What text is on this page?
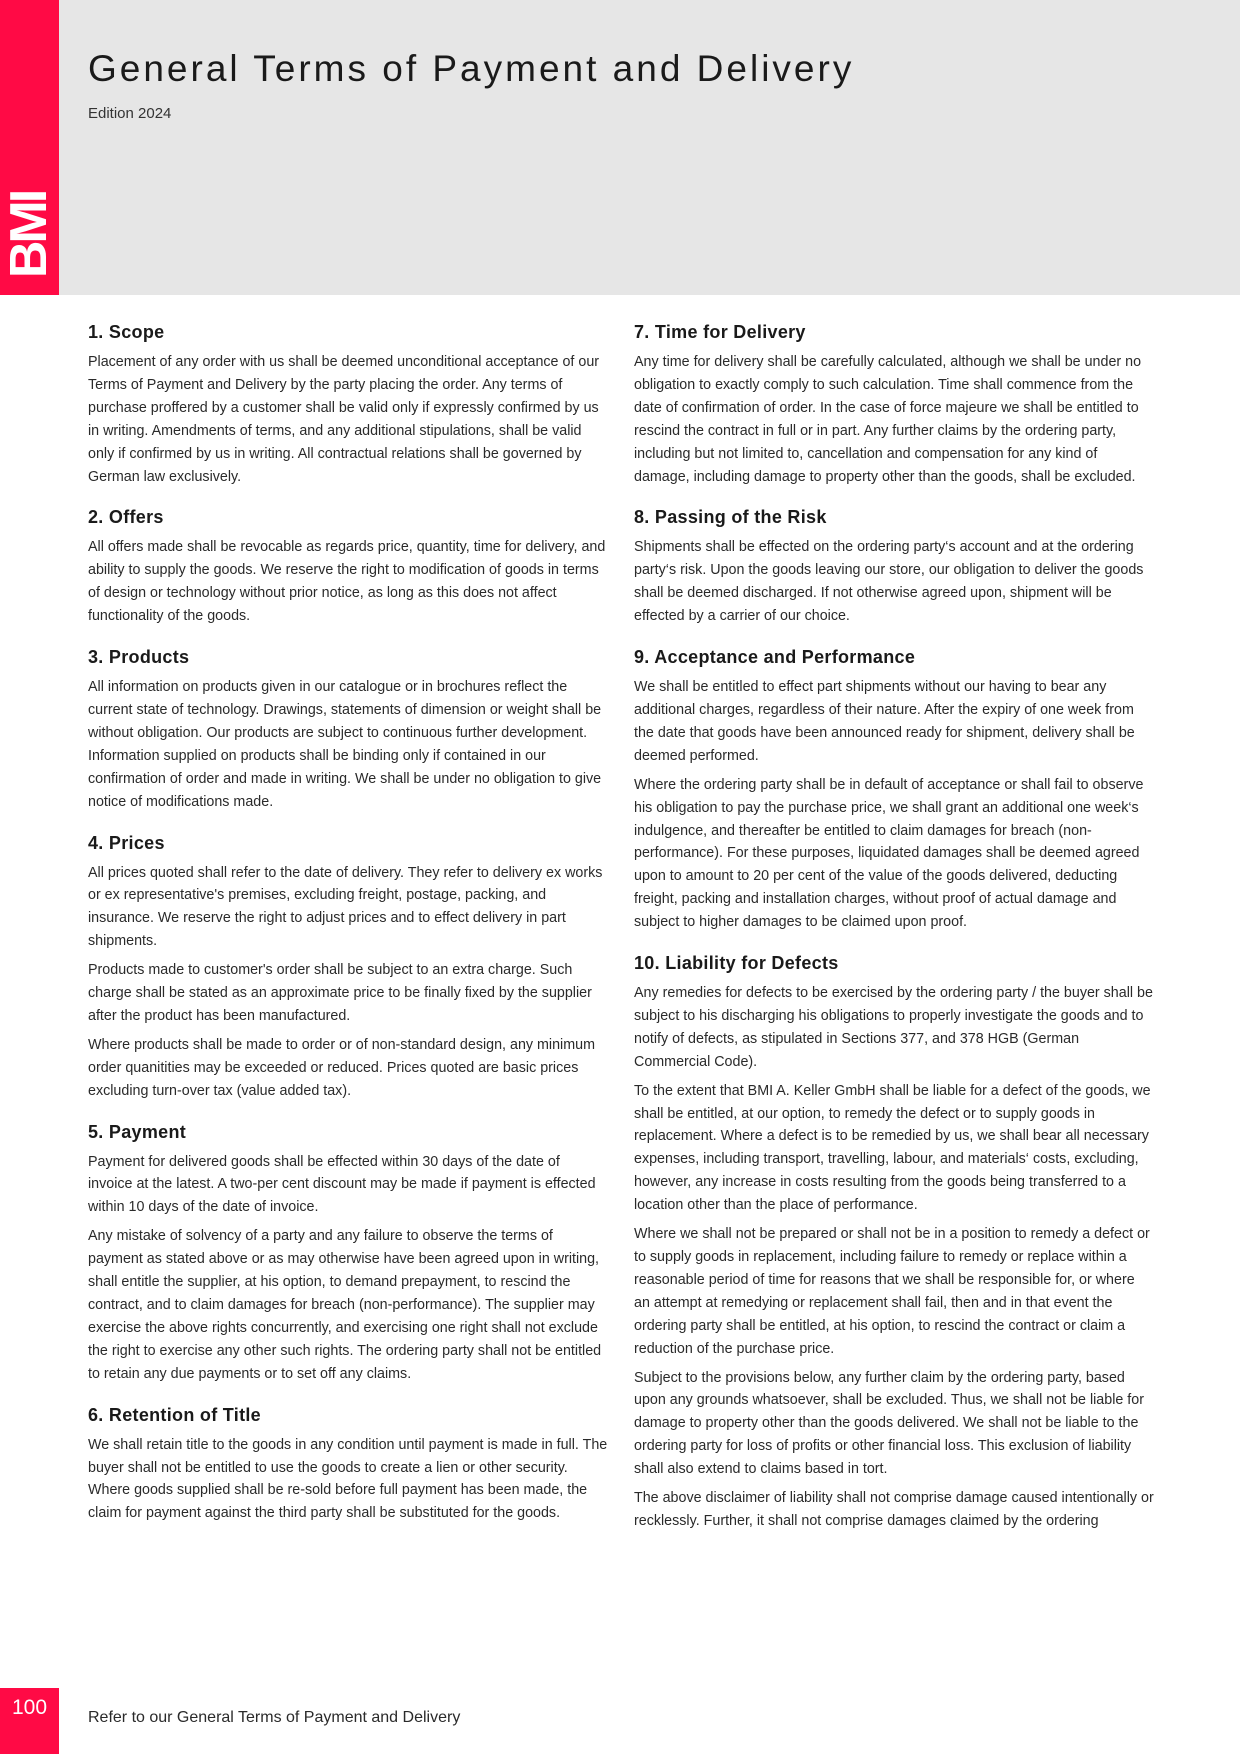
BMI
General Terms of Payment and Delivery
Edition 2024
1. Scope

Placement of any order with us shall be deemed unconditional acceptance of our Terms of Payment and Delivery by the party placing the order. Any terms of purchase proffered by a customer shall be valid only if expressly confirmed by us in writing. Amendments of terms, and any additional stipulations, shall be valid only if confirmed by us in writing. All contractual relations shall be governed by German law exclusively.

2. Offers

All offers made shall be revocable as regards price, quantity, time for delivery, and ability to supply the goods. We reserve the right to modification of goods in terms of design or technology without prior notice, as long as this does not affect functionality of the goods.

3. Products

All information on products given in our catalogue or in brochures reflect the current state of technology. Drawings, statements of dimension or weight shall be without obligation. Our products are subject to continuous further development. Information supplied on products shall be binding only if contained in our confirmation of order and made in writing. We shall be under no obligation to give notice of modifications made.

4. Prices

All prices quoted shall refer to the date of delivery. They refer to delivery ex works or ex representative's premises, excluding freight, postage, packing, and insurance. We reserve the right to adjust prices and to effect delivery in part shipments.

Products made to customer's order shall be subject to an extra charge. Such charge shall be stated as an approximate price to be finally fixed by the supplier after the product has been manufactured.

Where products shall be made to order or of non-standard design, any minimum order quanitities may be exceeded or reduced. Prices quoted are basic prices excluding turn-over tax (value added tax).

5. Payment

Payment for delivered goods shall be effected within 30 days of the date of invoice at the latest. A two-per cent discount may be made if payment is effected within 10 days of the date of invoice.

Any mistake of solvency of a party and any failure to observe the terms of payment as stated above or as may otherwise have been agreed upon in writing, shall entitle the supplier, at his option, to demand prepayment, to rescind the contract, and to claim damages for breach (non-performance). The supplier may exercise the above rights concurrently, and exercising one right shall not exclude the right to exercise any other such rights. The ordering party shall not be entitled to retain any due payments or to set off any claims.

6. Retention of Title

We shall retain title to the goods in any condition until payment is made in full. The buyer shall not be entitled to use the goods to create a lien or other security. Where goods supplied shall be re-sold before full payment has been made, the claim for payment against the third party shall be substituted for the goods.

7. Time for Delivery

Any time for delivery shall be carefully calculated, although we shall be under no obligation to exactly comply to such calculation. Time shall commence from the date of confirmation of order. In the case of force majeure we shall be entitled to rescind the contract in full or in part. Any further claims by the ordering party, including but not limited to, cancellation and compensation for any kind of damage, including damage to property other than the goods, shall be excluded.

8. Passing of the Risk

Shipments shall be effected on the ordering party‘s account and at the ordering party‘s risk. Upon the goods leaving our store, our obligation to deliver the goods shall be deemed discharged. If not otherwise agreed upon, shipment will be effected by a carrier of our choice.

9. Acceptance and Performance

We shall be entitled to effect part shipments without our having to bear any additional charges, regardless of their nature. After the expiry of one week from the date that goods have been announced ready for shipment, delivery shall be deemed performed.

Where the ordering party shall be in default of acceptance or shall fail to observe his obligation to pay the purchase price, we shall grant an additional one week‘s indulgence, and thereafter be entitled to claim damages for breach (non-performance). For these purposes, liquidated damages shall be deemed agreed upon to amount to 20 per cent of the value of the goods delivered, deducting freight, packing and installation charges, without proof of actual damage and subject to higher damages to be claimed upon proof.

10. Liability for Defects

Any remedies for defects to be exercised by the ordering party / the buyer shall be subject to his discharging his obligations to properly investigate the goods and to notify of defects, as stipulated in Sections 377, and 378 HGB (German Commercial Code).

To the extent that BMI A. Keller GmbH shall be liable for a defect of the goods, we shall be entitled, at our option, to remedy the defect or to supply goods in replacement. Where a defect is to be remedied by us, we shall bear all necessary expenses, including transport, travelling, labour, and materials‘ costs, excluding, however, any increase in costs resulting from the goods being transferred to a location other than the place of performance.

Where we shall not be prepared or shall not be in a position to remedy a defect or to supply goods in replacement, including failure to remedy or replace within a reasonable period of time for reasons that we shall be responsible for, or where an attempt at remedying or replacement shall fail, then and in that event the ordering party shall be entitled, at his option, to rescind the contract or claim a reduction of the purchase price.

Subject to the provisions below, any further claim by the ordering party, based upon any grounds whatsoever, shall be excluded. Thus, we shall not be liable for damage to property other than the goods delivered. We shall not be liable to the ordering party for loss of profits or other financial loss. This exclusion of liability shall also extend to claims based in tort.

The above disclaimer of liability shall not comprise damage caused intentionally or recklessly. Further, it shall not comprise damages claimed by the ordering

100	Refer to our General Terms of Payment and Delivery
